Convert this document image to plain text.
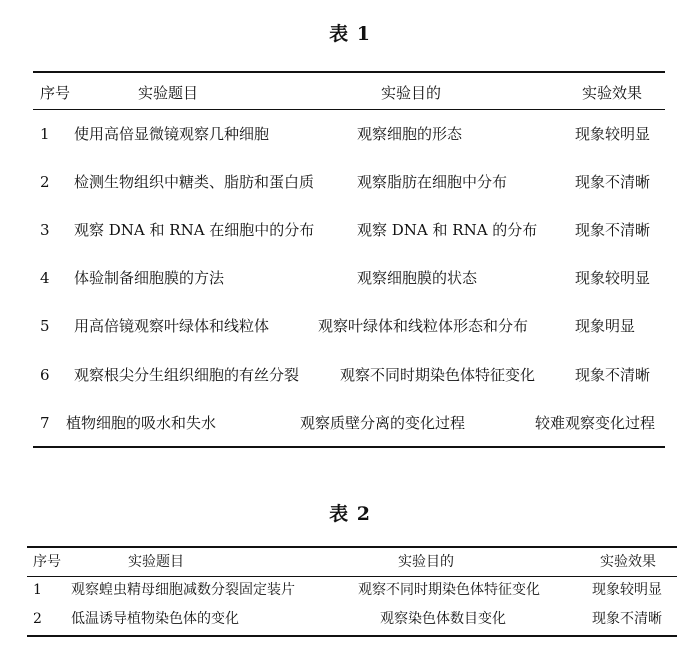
表 1
序号	实验题目	实验目的	实验效果
1 使用高倍显微镜观察几种细胞	观察细胞的形态	现象较明显
2 检测生物组织中糖类、脂肪和蛋白质	观察脂肪在细胞中分布	现象不清晰
3 观察 DNA 和 RNA 在细胞中的分布	观察 DNA 和 RNA 的分布	现象不清晰
4 体验制备细胞膜的方法	观察细胞膜的状态	现象较明显
5 用高倍镜观察叶绿体和线粒体	观察叶绿体和线粒体形态和分布	现象明显
6 观察根尖分生组织细胞的有丝分裂	观察不同时期染色体特征变化	现象不清晰
7 植物细胞的吸水和失水	观察质壁分离的变化过程	较难观察变化过程
表 2
序号	实验题目	实验目的	实验效果
1 观察蝗虫精母细胞减数分裂固定装片	观察不同时期染色体特征变化	现象较明显
2 低温诱导植物染色体的变化	观察染色体数目变化	现象不清晰
